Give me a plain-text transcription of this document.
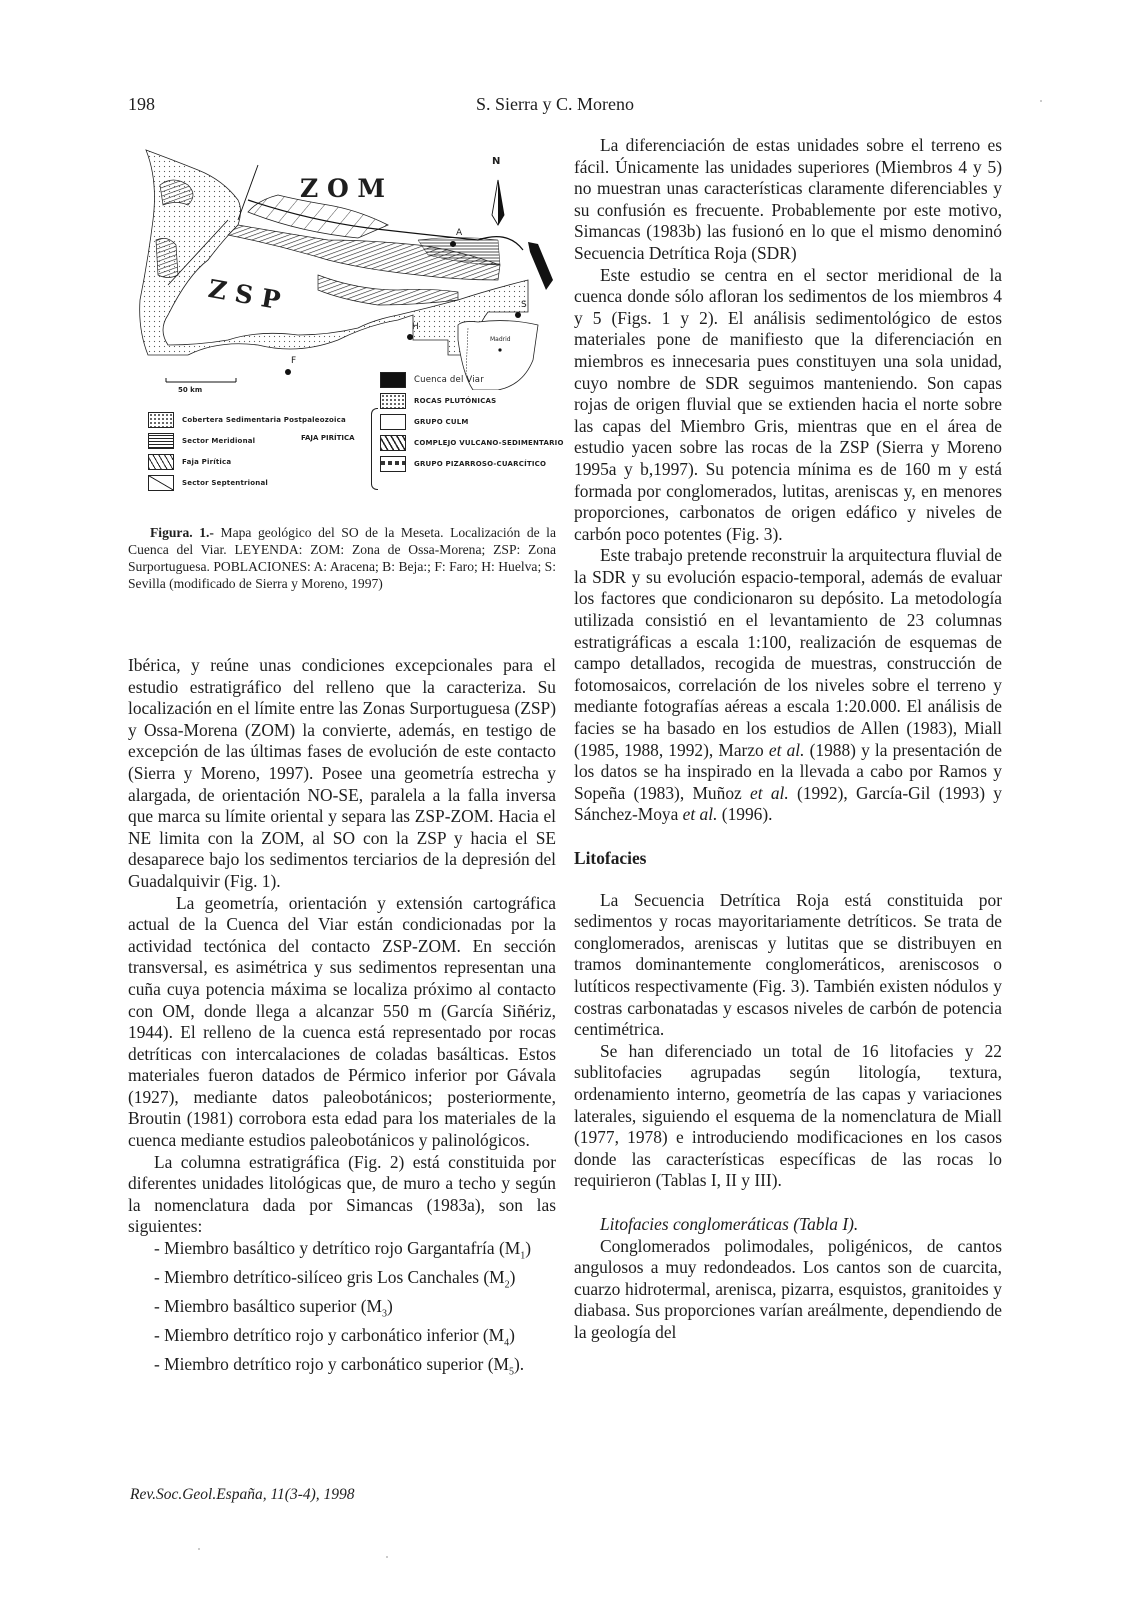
198	S. Sierra y C. Moreno
Z O M
Z S P
N
50 km
Madrid
A
S
H
F
Cobertera Sedimentaria Postpaleozoica
Sector Meridional
Faja Pirítica
Sector Septentrional
FAJA PIRÍTICA
Cuenca del Viar
ROCAS PLUTÓNICAS
GRUPO CULM
COMPLEJO VULCANO-SEDIMENTARIO
GRUPO PIZARROSO-CUARCÍTICO
Figura. 1.- Mapa geológico del SO de la Meseta. Localización de la Cuenca del Viar. LEYENDA: ZOM: Zona de Ossa-Morena; ZSP: Zona Surportuguesa. POBLACIONES: A: Aracena; B: Beja:; F: Faro; H: Huelva; S: Sevilla (modificado de Sierra y Moreno, 1997)

Ibérica, y reúne unas condiciones excepcionales para el estudio estratigráfico del relleno que la caracteriza. Su localización en el límite entre las Zonas Surportuguesa (ZSP) y Ossa-Morena (ZOM) la convierte, además, en testigo de excepción de las últimas fases de evolución de este contacto (Sierra y Moreno, 1997). Posee una geometría estrecha y alargada, de orientación NO-SE, paralela a la falla inversa que marca su límite oriental y separa las ZSP-ZOM. Hacia el NE limita con la ZOM, al SO con la ZSP y hacia el SE desaparece bajo los sedimentos terciarios de la depresión del Guadalquivir (Fig. 1).

La geometría, orientación y extensión cartográfica actual de la Cuenca del Viar están condicionadas por la actividad tectónica del contacto ZSP-ZOM. En sección transversal, es asimétrica y sus sedimentos representan una cuña cuya potencia máxima se localiza próximo al contacto con OM, donde llega a alcanzar 550 m (García Siñériz, 1944). El relleno de la cuenca está representado por rocas detríticas con intercalaciones de coladas basálticas. Estos materiales fueron datados de Pérmico inferior por Gávala (1927), mediante datos paleobotánicos; posteriormente, Broutin (1981) corrobora esta edad para los materiales de la cuenca mediante estudios paleobotánicos y palinológicos.

La columna estratigráfica (Fig. 2) está constituida por diferentes unidades litológicas que, de muro a techo y según la nomenclatura dada por Simancas (1983a), son las siguientes:

- Miembro basáltico y detrítico rojo Gargantafría $(M_1)$
- Miembro detrítico-silíceo gris Los Canchales $(M_2)$
- Miembro basáltico superior $(M_3)$
- Miembro detrítico rojo y carbonático inferior $(M_4)$
- Miembro detrítico rojo y carbonático superior $(M_5)$.

La diferenciación de estas unidades sobre el terreno es fácil. Únicamente las unidades superiores (Miembros 4 y 5) no muestran unas características claramente diferenciables y su confusión es frecuente. Probablemente por este motivo, Simancas (1983b) las fusionó en lo que el mismo denominó Secuencia Detrítica Roja (SDR)

Este estudio se centra en el sector meridional de la cuenca donde sólo afloran los sedimentos de los miembros 4 y 5 (Figs. 1 y 2). El análisis sedimentológico de estos materiales pone de manifiesto que la diferenciación en miembros es innecesaria pues constituyen una sola unidad, cuyo nombre de SDR seguimos manteniendo. Son capas rojas de origen fluvial que se extienden hacia el norte sobre las capas del Miembro Gris, mientras que en el área de estudio yacen sobre las rocas de la ZSP (Sierra y Moreno 1995a y b,1997). Su potencia mínima es de 160 m y está formada por conglomerados, lutitas, areniscas y, en menores proporciones, carbonatos de origen edáfico y niveles de carbón poco potentes (Fig. 3).

Este trabajo pretende reconstruir la arquitectura fluvial de la SDR y su evolución espacio-temporal, además de evaluar los factores que condicionaron su depósito. La metodología utilizada consistió en el levantamiento de 23 columnas estratigráficas a escala 1:100, realización de esquemas de campo detallados, recogida de muestras, construcción de fotomosaicos, correlación de los niveles sobre el terreno y mediante fotografías aéreas a escala 1:20.000. El análisis de facies se ha basado en los estudios de Allen (1983), Miall (1985, 1988, 1992), Marzo et al. (1988) y la presentación de los datos se ha inspirado en la llevada a cabo por Ramos y Sopeña (1983), Muñoz et al. (1992), García-Gil (1993) y Sánchez-Moya et al. (1996).

Litofacies

La Secuencia Detrítica Roja está constituida por sedimentos y rocas mayoritariamente detríticos. Se trata de conglomerados, areniscas y lutitas que se distribuyen en tramos dominantemente conglomeráticos, areniscosos o lutíticos respectivamente (Fig. 3). También existen nódulos y costras carbonatadas y escasos niveles de carbón de potencia centimétrica.

Se han diferenciado un total de 16 litofacies y 22 sublitofacies agrupadas según litología, textura, ordenamiento interno, geometría de las capas y variaciones laterales, siguiendo el esquema de la nomenclatura de Miall (1977, 1978) e introduciendo modificaciones en los casos donde las características específicas de las rocas lo requirieron (Tablas I, II y III).

Litofacies conglomeráticas (Tabla I).

Conglomerados polimodales, poligénicos, de cantos angulosos a muy redondeados. Los cantos son de cuarcita, cuarzo hidrotermal, arenisca, pizarra, esquistos, granitoides y diabasa. Sus proporciones varían areálmente, dependiendo de la geología del

Rev.Soc.Geol.España, 11(3-4), 1998
